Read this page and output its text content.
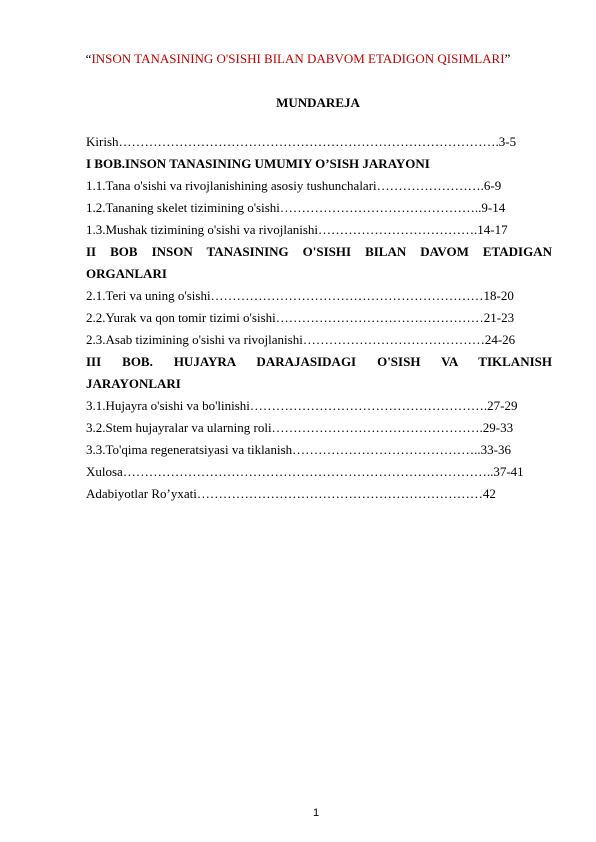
“INSON TANASINING O'SISHI BILAN DABVOM ETADIGON QISIMLARI”
MUNDAREJA
Kirish…………………………………………………………………………….3-5
I BOB.INSON TANASINING UMUMIY O’SISH JARAYONI
1.1.Tana o'sishi va rivojlanishining asosiy tushunchalari…………………….6-9
1.2.Tananing skelet tizimining o'sishi………………………………………..9-14
1.3.Mushak tizimining o'sishi va rivojlanishi……………………………….14-17
II BOB INSON TANASINING O'SISHI BILAN DAVOM ETADIGAN
ORGANLARI
2.1.Teri va uning o'sishi………………………………………………………18-20
2.2.Yurak va qon tomir tizimi o'sishi…………………………………………21-23
2.3.Asab tizimining o'sishi va rivojlanishi……………………………………24-26
III BOB. HUJAYRA DARAJASIDAGI O'SISH VA TIKLANISH
JARAYONLARI
3.1.Hujayra o'sishi va bo'linishi……………………………………………….27-29
3.2.Stem hujayralar va ularning roli………………………………………….29-33
3.3.To'qima regeneratsiyasi va tiklanish……………………………………..33-36
Xulosa…………………………………………………………………………..37-41
Adabiyotlar Ro’yxati…………………………………………………………42
1
